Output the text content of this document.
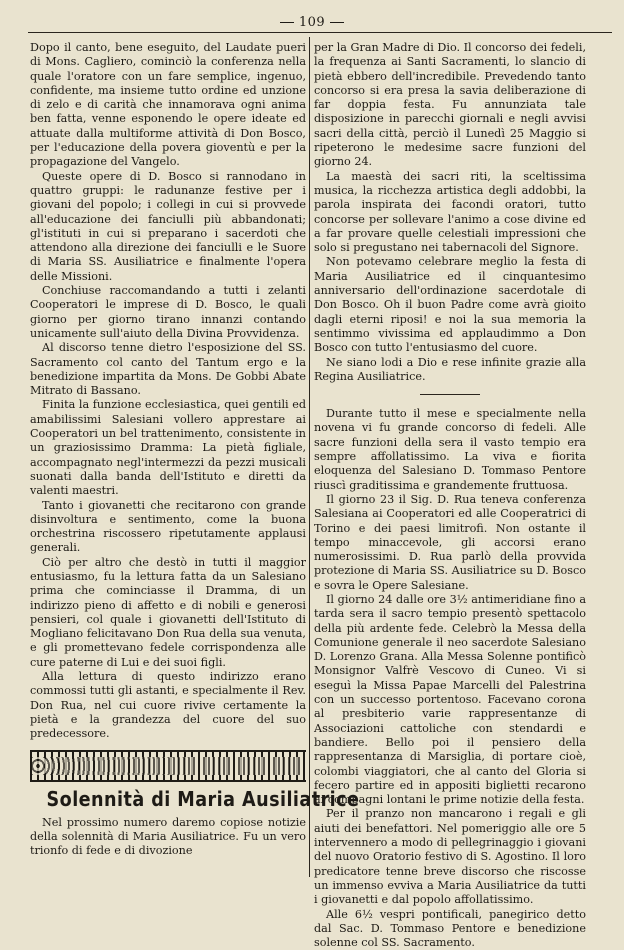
109

Dopo il canto, bene eseguito, del Laudate pueri di Mons. Cagliero, cominciò la conferenza nella quale l'oratore con un fare semplice, ingenuo, confidente, ma insieme tutto ordine ed unzione di zelo e di carità che innamorava ogni anima ben fatta, venne esponendo le opere ideate ed attuate dalla multiforme attività di Don Bosco, per l'educazione della povera gioventù e per la propagazione del Vangelo.

Queste opere di D. Bosco si rannodano in quattro gruppi: le radunanze festive per i giovani del popolo; i collegi in cui si provvede all'educazione dei fanciulli più abbandonati; gl'istituti in cui si preparano i sacerdoti che attendono alla direzione dei fanciulli e le Suore di Maria SS. Ausiliatrice e finalmente l'opera delle Missioni.

Conchiuse raccomandando a tutti i zelanti Cooperatori le imprese di D. Bosco, le quali giorno per giorno tirano innanzi contando unicamente sull'aiuto della Divina Provvidenza.

Al discorso tenne dietro l'esposizione del SS. Sacramento col canto del Tantum ergo e la benedizione impartita da Mons. De Gobbi Abate Mitrato di Bassano.

Finita la funzione ecclesiastica, quei gentili ed amabilissimi Salesiani vollero apprestare ai Cooperatori un bel trattenimento, consistente in un graziosissimo Dramma: La pietà figliale, accompagnato negl'intermezzi da pezzi musicali suonati dalla banda dell'Istituto e diretti da valenti maestri.

Tanto i giovanetti che recitarono con grande disinvoltura e sentimento, come la buona orchestrina riscossero ripetutamente applausi generali.

Ciò per altro che destò in tutti il maggior entusiasmo, fu la lettura fatta da un Salesiano prima che cominciasse il Dramma, di un indirizzo pieno di affetto e di nobili e generosi pensieri, col quale i giovanetti dell'Istituto di Mogliano felicitavano Don Rua della sua venuta, e gli promettevano fedele corrispondenza alle cure paterne di Lui e dei suoi figli.

Alla lettura di questo indirizzo erano commossi tutti gli astanti, e specialmente il Rev. Don Rua, nel cui cuore rivive certamente la pietà e la grandezza del cuore del suo predecessore.

Solennità di Maria Ausiliatrice

Nel prossimo numero daremo copiose notizie della solennità di Maria Ausiliatrice. Fu un vero trionfo di fede e di divozione

per la Gran Madre di Dio. Il concorso dei fedeli, la frequenza ai Santi Sacramenti, lo slancio di pietà ebbero dell'incredibile. Prevedendo tanto concorso si era presa la savia deliberazione di far doppia festa. Fu annunziata tale disposizione in parecchi giornali e negli avvisi sacri della città, perciò il Lunedì 25 Maggio si ripeterono le medesime sacre funzioni del giorno 24.

La maestà dei sacri riti, la sceltissima musica, la ricchezza artistica degli addobbi, la parola inspirata dei facondi oratori, tutto concorse per sollevare l'animo a cose divine ed a far provare quelle celestiali impressioni che solo si pregustano nei tabernacoli del Signore.

Non potevamo celebrare meglio la festa di Maria Ausiliatrice ed il cinquantesimo anniversario dell'ordinazione sacerdotale di Don Bosco. Oh il buon Padre come avrà gioito dagli eterni riposi! e noi la sua memoria la sentimmo vivissima ed applaudimmo a Don Bosco con tutto l'entusiasmo del cuore.

Ne siano lodi a Dio e rese infinite grazie alla Regina Ausiliatrice.

Durante tutto il mese e specialmente nella novena vi fu grande concorso di fedeli. Alle sacre funzioni della sera il vasto tempio era sempre affollatissimo. La viva e fiorita eloquenza del Salesiano D. Tommaso Pentore riuscì graditissima e grandemente fruttuosa.

Il giorno 23 il Sig. D. Rua teneva conferenza Salesiana ai Cooperatori ed alle Cooperatrici di Torino e dei paesi limitrofi. Non ostante il tempo minaccevole, gli accorsi erano numerosissimi. D. Rua parlò della provvida protezione di Maria SS. Ausiliatrice su D. Bosco e sovra le Opere Salesiane.

Il giorno 24 dalle ore 3½ antimeridiane fino a tarda sera il sacro tempio presentò spettacolo della più ardente fede. Celebrò la Messa della Comunione generale il neo sacerdote Salesiano D. Lorenzo Grana. Alla Messa Solenne pontificò Monsignor Valfrè Vescovo di Cuneo. Vi si eseguì la Missa Papae Marcelli del Palestrina con un successo portentoso. Facevano corona al presbiterio varie rappresentanze di Associazioni cattoliche con stendardi e bandiere. Bello poi il pensiero della rappresentanza di Marsiglia, di portare cioè, colombi viaggiatori, che al canto del Gloria si fecero partire ed in appositi biglietti recarono ai compagni lontani le prime notizie della festa.

Per il pranzo non mancarono i regali e gli aiuti dei benefattori. Nel pomeriggio alle ore 5 intervennero a modo di pellegrinaggio i giovani del nuovo Oratorio festivo di S. Agostino. Il loro predicatore tenne breve discorso che riscosse un immenso evviva a Maria Ausiliatrice da tutti i giovanetti e dal popolo affollatissimo.

Alle 6½ vespri pontificali, panegirico detto dal Sac. D. Tommaso Pentore e benedizione solenne col SS. Sacramento.
